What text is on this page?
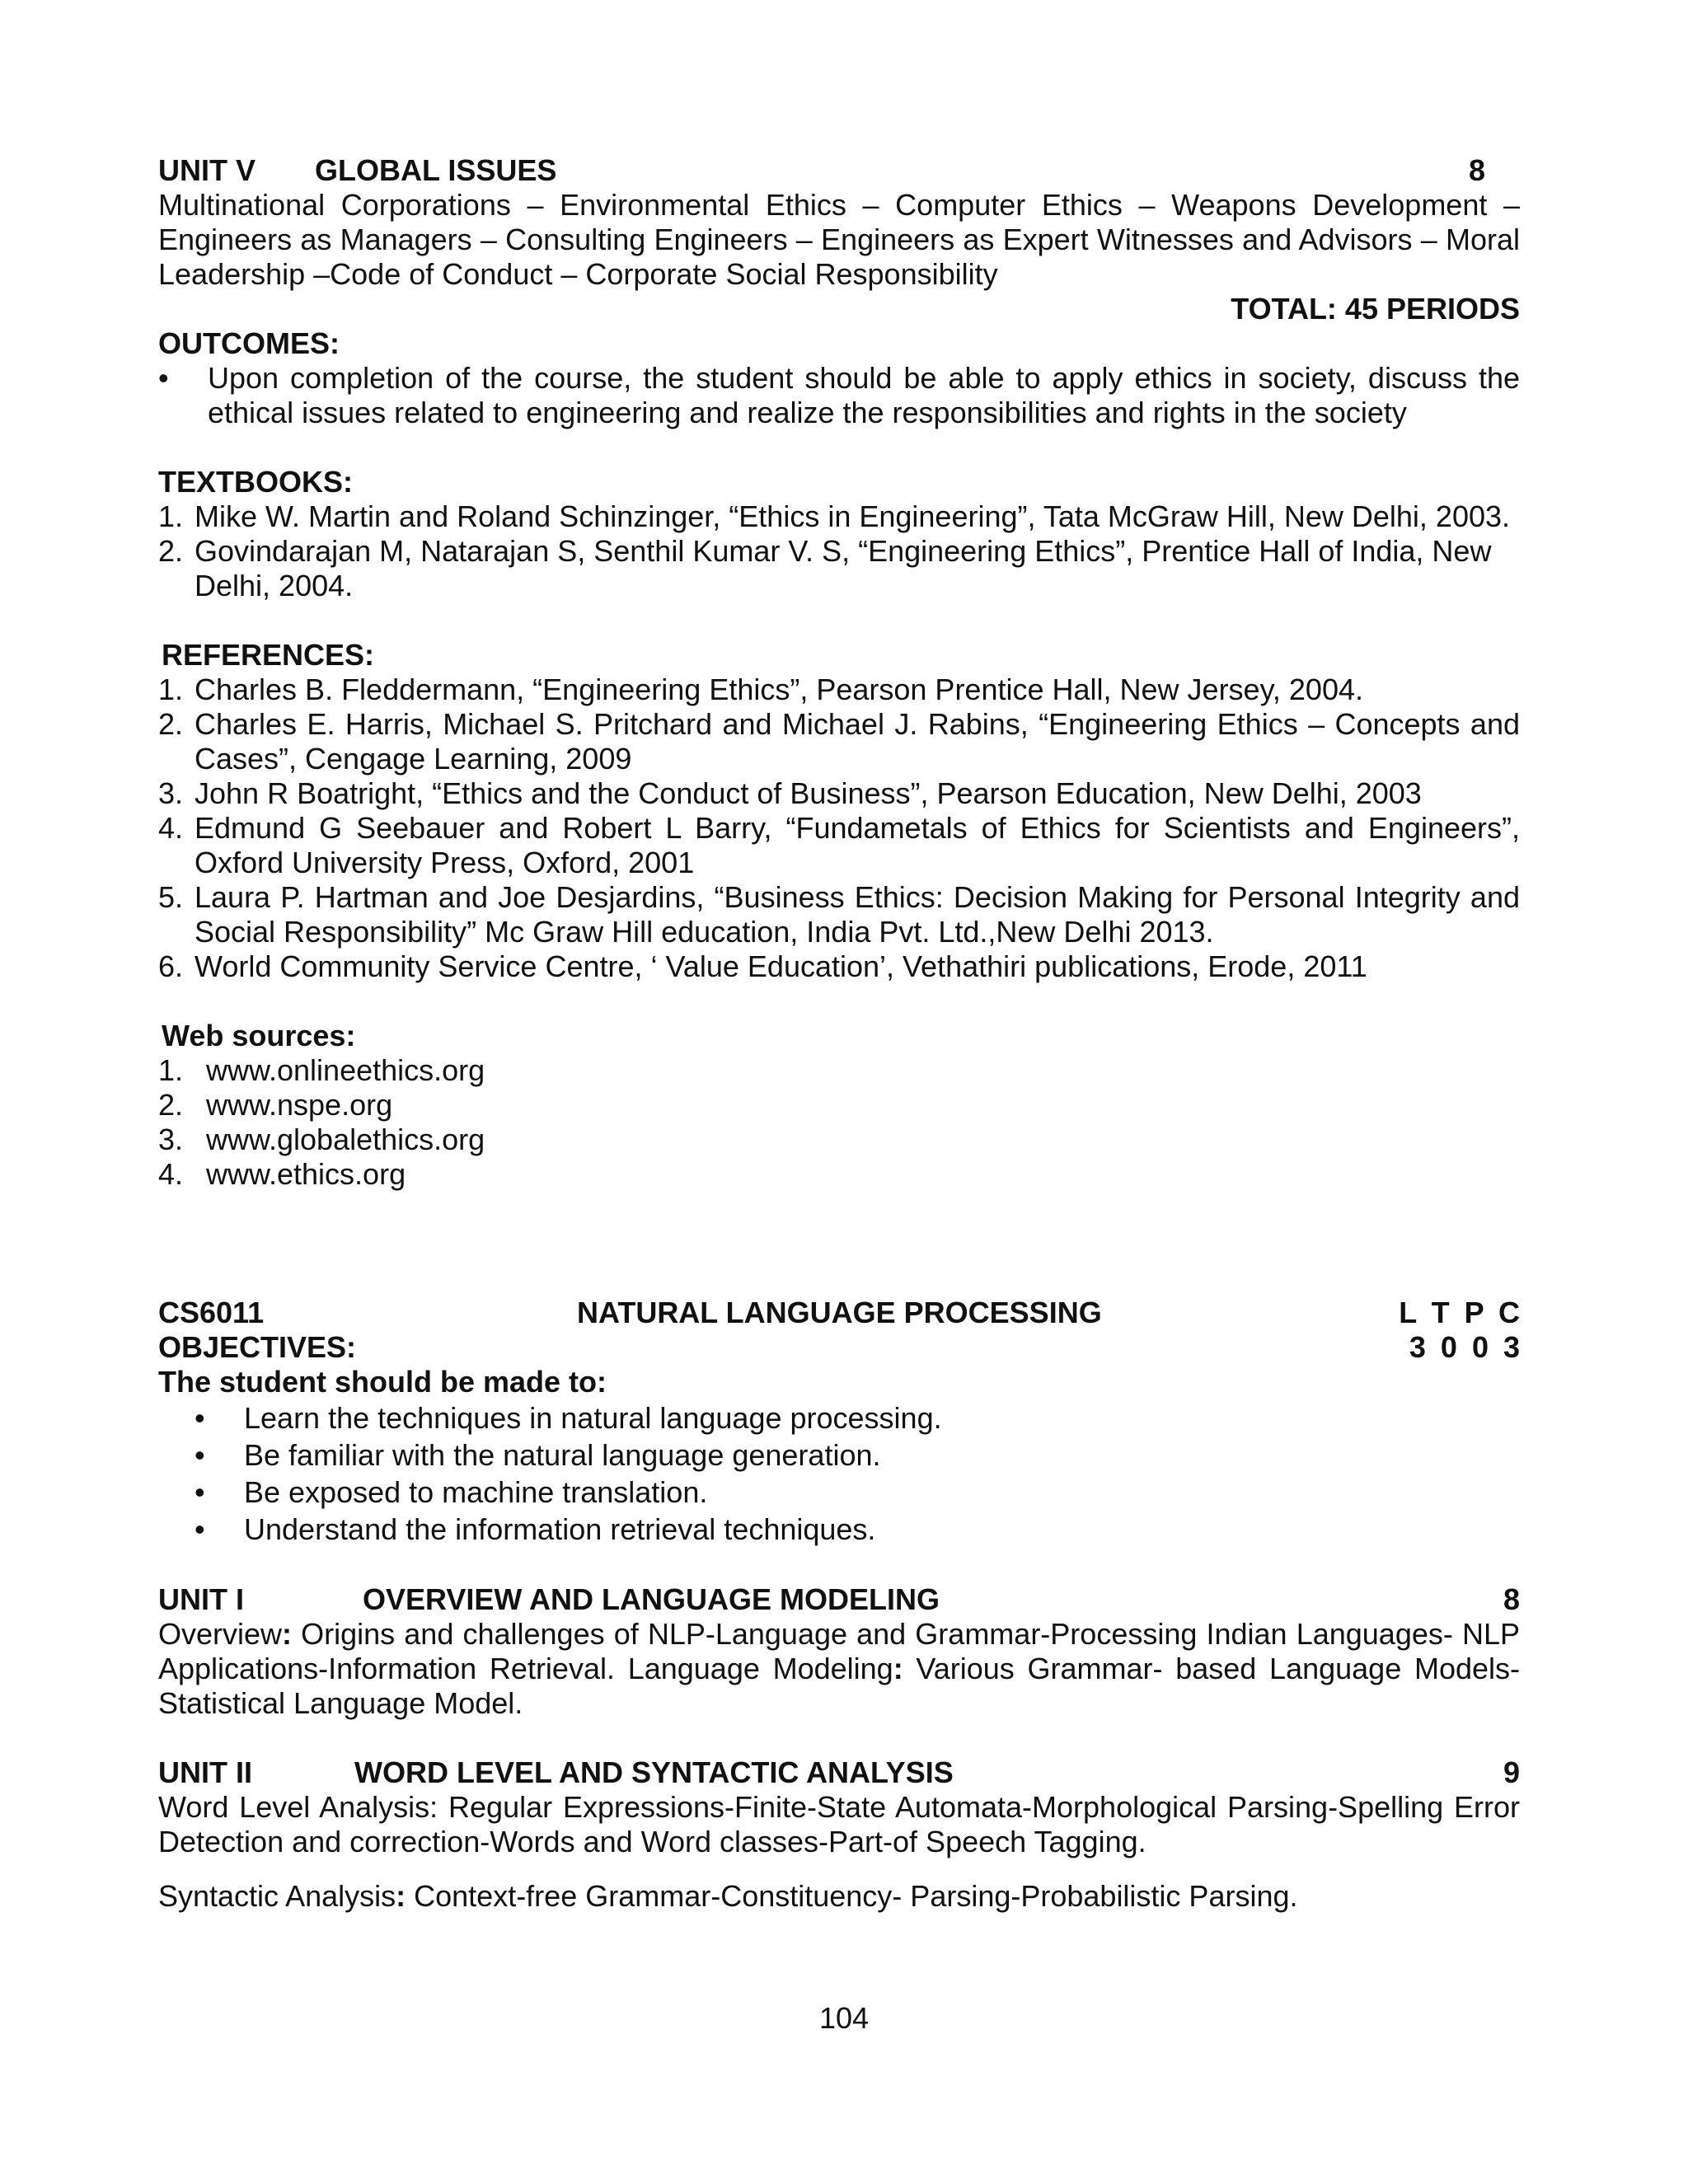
UNIT V GLOBAL ISSUES	8
Multinational Corporations – Environmental Ethics – Computer Ethics – Weapons Development – Engineers as Managers – Consulting Engineers – Engineers as Expert Witnesses and Advisors – Moral Leadership –Code of Conduct – Corporate Social Responsibility
TOTAL: 45 PERIODS
OUTCOMES:
•	Upon completion of the course, the student should be able to apply ethics in society, discuss the ethical issues related to engineering and realize the responsibilities and rights in the society
TEXTBOOKS:
1. Mike W. Martin and Roland Schinzinger, “Ethics in Engineering”, Tata McGraw Hill, New Delhi, 2003.
2. Govindarajan M, Natarajan S, Senthil Kumar V. S, “Engineering Ethics”, Prentice Hall of India, New Delhi, 2004.
REFERENCES:
1. Charles B. Fleddermann, “Engineering Ethics”, Pearson Prentice Hall, New Jersey, 2004.
2. Charles E. Harris, Michael S. Pritchard and Michael J. Rabins, “Engineering Ethics – Concepts and Cases”, Cengage Learning, 2009
3. John R Boatright, “Ethics and the Conduct of Business”, Pearson Education, New Delhi, 2003
4. Edmund G Seebauer and Robert L Barry, “Fundametals of Ethics for Scientists and Engineers”, Oxford University Press, Oxford, 2001
5. Laura P. Hartman and Joe Desjardins, “Business Ethics: Decision Making for Personal Integrity and Social Responsibility” Mc Graw Hill education, India Pvt. Ltd.,New Delhi 2013.
6. World Community Service Centre, ‘ Value Education’, Vethathiri publications, Erode, 2011
Web sources:
1. www.onlineethics.org
2. www.nspe.org
3. www.globalethics.org
4. www.ethics.org
CS6011	NATURAL LANGUAGE PROCESSING	L T P C
3 0 0 3
OBJECTIVES:
The student should be made to:
•	Learn the techniques in natural language processing.
•	Be familiar with the natural language generation.
•	Be exposed to machine translation.
•	Understand the information retrieval techniques.
UNIT I	OVERVIEW AND LANGUAGE MODELING	8
Overview: Origins and challenges of NLP-Language and Grammar-Processing Indian Languages- NLP Applications-Information Retrieval. Language Modeling: Various Grammar- based Language Models-Statistical Language Model.
UNIT II	WORD LEVEL AND SYNTACTIC ANALYSIS	9
Word Level Analysis: Regular Expressions-Finite-State Automata-Morphological Parsing-Spelling Error Detection and correction-Words and Word classes-Part-of Speech Tagging.
Syntactic Analysis: Context-free Grammar-Constituency- Parsing-Probabilistic Parsing.
104
